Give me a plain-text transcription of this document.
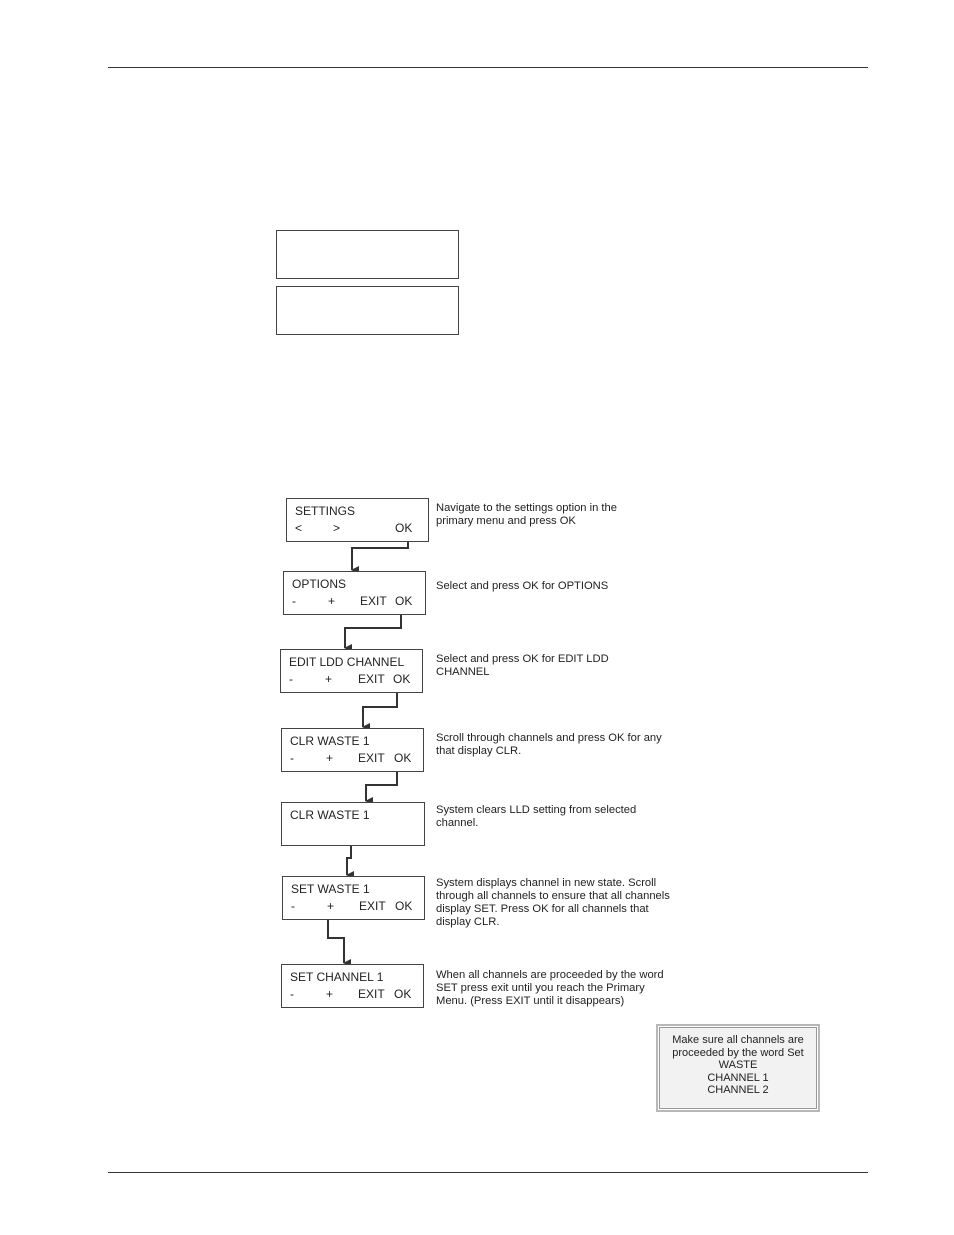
SETTINGS
<	>	OK
Navigate to the settings option in the
primary menu and press OK
OPTIONS
-	+ EXIT OK
Select and press OK for OPTIONS
EDIT LDD CHANNEL
-	+ EXIT OK
Select and press OK for EDIT LDD
CHANNEL
CLR WASTE 1
-	+ EXIT OK
Scroll through channels and press OK for any
that display CLR.
CLR WASTE 1	System clears LLD setting from selected
channel.
SET WASTE 1
-	+ EXIT OK
System displays channel in new state. Scroll
through all channels to ensure that all channels
display SET. Press OK for all channels that
display CLR.
SET CHANNEL 1
-	+ EXIT OK
When all channels are proceeded by the word
SET press exit until you reach the Primary
Menu. (Press EXIT until it disappears)
Make sure all channels are
proceeded by the word Set
WASTE
CHANNEL 1
CHANNEL 2
